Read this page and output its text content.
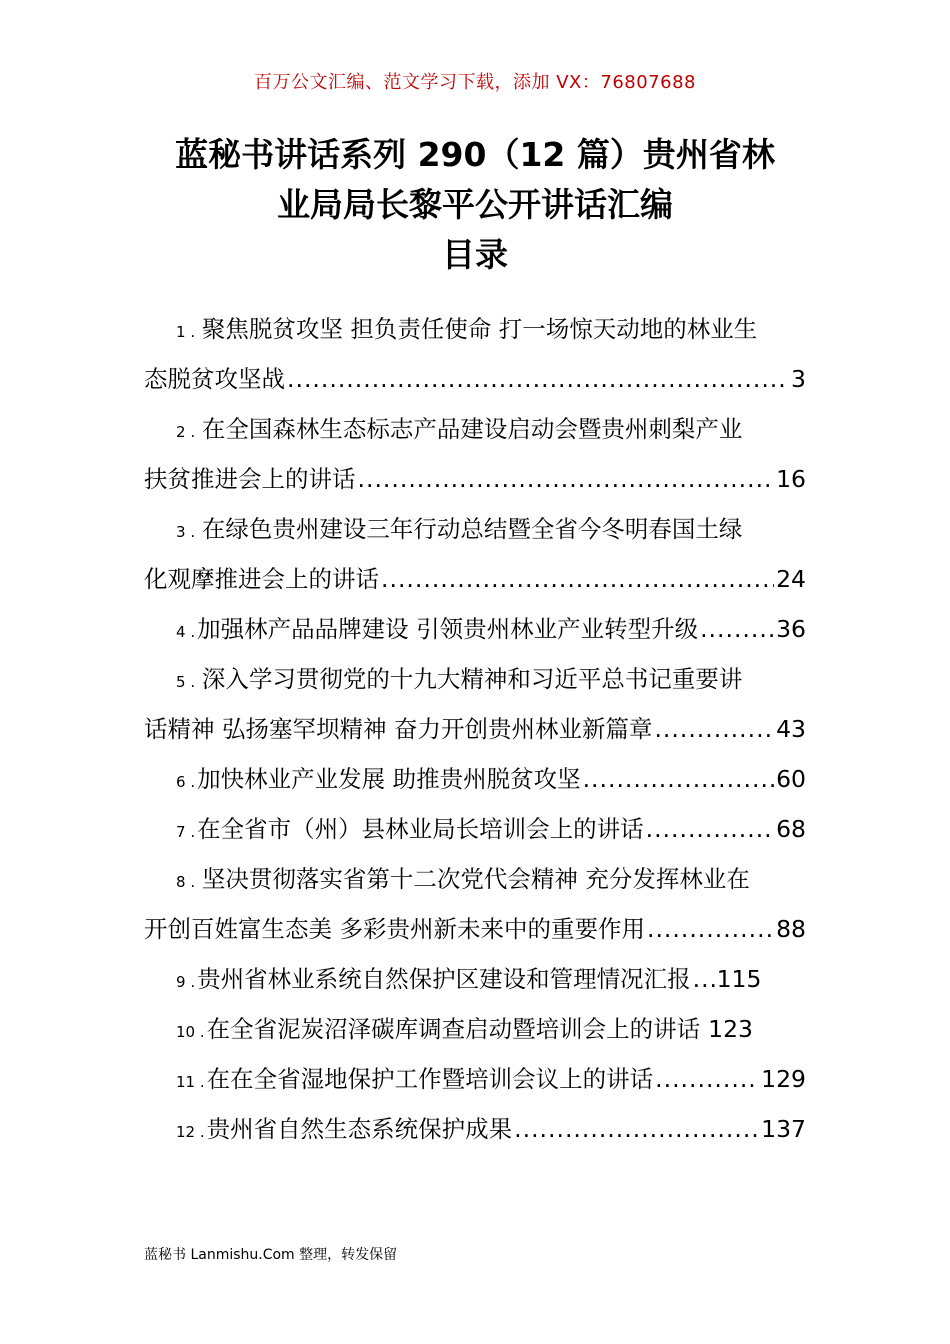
百万公文汇编、范文学习下载，添加 VX：76807688
蓝秘书讲话系列 290（12 篇）贵州省林
业局局长黎平公开讲话汇编
目录
1 . 聚焦脱贫攻坚 担负责任使命 打一场惊天动地的林业生
态脱贫攻坚战 .....	3
2 . 在全国森林生态标志产品建设启动会暨贵州刺梨产业
扶贫推进会上的讲话 .....	16
3 . 在绿色贵州建设三年行动总结暨全省今冬明春国土绿
化观摩推进会上的讲话 .....	24
4 . 加强林产品品牌建设 引领贵州林业产业转型升级 .....	36
5 . 深入学习贯彻党的十九大精神和习近平总书记重要讲
话精神 弘扬塞罕坝精神 奋力开创贵州林业新篇章 .....	43
6 . 加快林业产业发展 助推贵州脱贫攻坚 .....	60
7 . 在全省市（州）县林业局长培训会上的讲话 .....	68
8 . 坚决贯彻落实省第十二次党代会精神 充分发挥林业在
开创百姓富生态美 多彩贵州新未来中的重要作用 .....	88
9 . 贵州省林业系统自然保护区建设和管理情况汇报 ..... 115
10 . 在全省泥炭沼泽碳库调查启动暨培训会上的讲话 123
11 . 在在全省湿地保护工作暨培训会议上的讲话 .....	129
12 . 贵州省自然生态系统保护成果 .....	137
蓝秘书 Lanmishu.Com 整理，转发保留
